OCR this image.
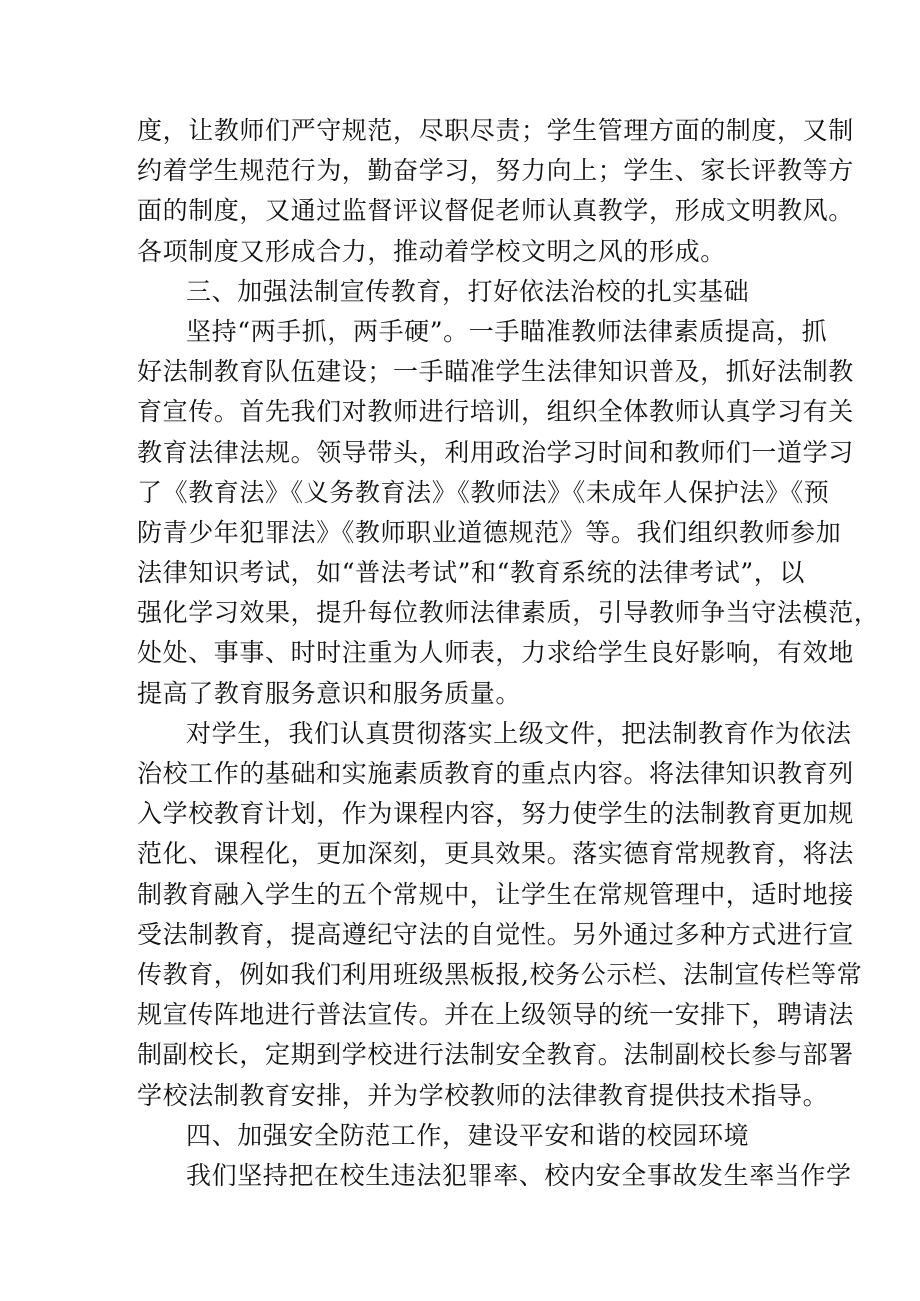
度，让教师们严守规范，尽职尽责；学生管理方面的制度，又制
约着学生规范行为，勤奋学习，努力向上；学生、家长评教等方
面的制度，又通过监督评议督促老师认真教学，形成文明教风。
各项制度又形成合力，推动着学校文明之风的形成。
三、加强法制宣传教育，打好依法治校的扎实基础
坚持“两手抓，两手硬”。一手瞄准教师法律素质提高，抓
好法制教育队伍建设；一手瞄准学生法律知识普及，抓好法制教
育宣传。首先我们对教师进行培训，组织全体教师认真学习有关
教育法律法规。领导带头，利用政治学习时间和教师们一道学习
了《教育法》《义务教育法》《教师法》《未成年人保护法》《预
防青少年犯罪法》《教师职业道德规范》等。我们组织教师参加
法律知识考试，如“普法考试”和“教育系统的法律考试”，以
强化学习效果，提升每位教师法律素质，引导教师争当守法模范，
处处、事事、时时注重为人师表，力求给学生良好影响，有效地
提高了教育服务意识和服务质量。
对学生，我们认真贯彻落实上级文件，把法制教育作为依法
治校工作的基础和实施素质教育的重点内容。将法律知识教育列
入学校教育计划，作为课程内容，努力使学生的法制教育更加规
范化、课程化，更加深刻，更具效果。落实德育常规教育，将法
制教育融入学生的五个常规中，让学生在常规管理中，适时地接
受法制教育，提高遵纪守法的自觉性。另外通过多种方式进行宣
传教育，例如我们利用班级黑板报,校务公示栏、法制宣传栏等常
规宣传阵地进行普法宣传。并在上级领导的统一安排下，聘请法
制副校长，定期到学校进行法制安全教育。法制副校长参与部署
学校法制教育安排，并为学校教师的法律教育提供技术指导。
四、加强安全防范工作，建设平安和谐的校园环境
我们坚持把在校生违法犯罪率、校内安全事故发生率当作学
